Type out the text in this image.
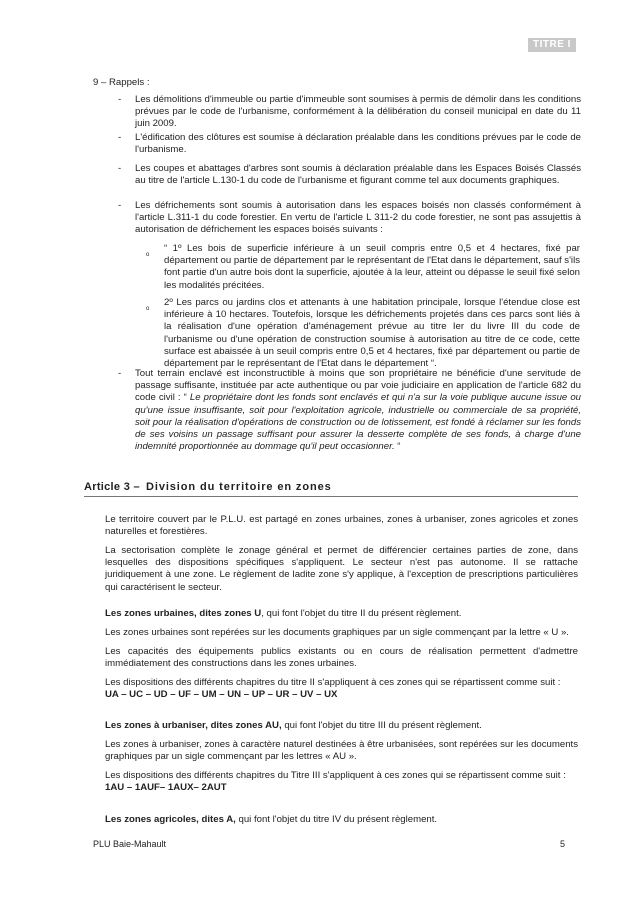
TITRE I
9 – Rappels :
- Les démolitions d'immeuble ou partie d'immeuble sont soumises à permis de démolir dans les conditions prévues par le code de l'urbanisme, conformément à la délibération du conseil municipal en date du 11 juin 2009.
- L'édification des clôtures est soumise à déclaration préalable dans les conditions prévues par le code de l'urbanisme.
- Les coupes et abattages d'arbres sont soumis à déclaration préalable dans les Espaces Boisés Classés au titre de l'article L.130-1 du code de l'urbanisme et figurant comme tel aux documents graphiques.
- Les défrichements sont soumis à autorisation dans les espaces boisés non classés conformément à l'article L.311-1 du code forestier. En vertu de l'article L 311-2 du code forestier, ne sont pas assujettis à autorisation de défrichement les espaces boisés suivants :
o
“ 1º Les bois de superficie inférieure à un seuil compris entre 0,5 et 4 hectares, fixé par département ou partie de département par le représentant de l'Etat dans le département, sauf s'ils font partie d'un autre bois dont la superficie, ajoutée à la leur, atteint ou dépasse le seuil fixé selon les modalités précitées.
o
2º Les parcs ou jardins clos et attenants à une habitation principale, lorsque l'étendue close est inférieure à 10 hectares. Toutefois, lorsque les défrichements projetés dans ces parcs sont liés à la réalisation d'une opération d'aménagement prévue au titre Ier du livre III du code de l'urbanisme ou d'une opération de construction soumise à autorisation au titre de ce code, cette surface est abaissée à un seuil compris entre 0,5 et 4 hectares, fixé par département ou partie de département par le représentant de l'Etat dans le département “.
- Tout terrain enclavé est inconstructible à moins que son propriétaire ne bénéficie d'une servitude de passage suffisante, instituée par acte authentique ou par voie judiciaire en application de l'article 682 du code civil : “ Le propriétaire dont les fonds sont enclavés et qui n'a sur la voie publique aucune issue ou qu'une issue insuffisante, soit pour l'exploitation agricole, industrielle ou commerciale de sa propriété, soit pour la réalisation d'opérations de construction ou de lotissement, est fondé à réclamer sur les fonds de ses voisins un passage suffisant pour assurer la desserte complète de ses fonds, à charge d'une indemnité proportionnée au dommage qu'il peut occasionner. “
Article 3 – Division du territoire en zones
Le territoire couvert par le P.L.U. est partagé en zones urbaines, zones à urbaniser, zones agricoles et zones naturelles et forestières.
La sectorisation complète le zonage général et permet de différencier certaines parties de zone, dans lesquelles des dispositions spécifiques s'appliquent. Le secteur n'est pas autonome. Il se rattache juridiquement à une zone. Le règlement de ladite zone s'y applique, à l'exception de prescriptions particulières qui caractérisent le secteur.
Les zones urbaines, dites zones U, qui font l'objet du titre II du présent règlement.
Les zones urbaines sont repérées sur les documents graphiques par un sigle commençant par la lettre « U ».
Les capacités des équipements publics existants ou en cours de réalisation permettent d'admettre immédiatement des constructions dans les zones urbaines.
Les dispositions des différents chapitres du titre II s'appliquent à ces zones qui se répartissent comme suit :
UA – UC – UD – UF – UM – UN – UP – UR – UV – UX
Les zones à urbaniser, dites zones AU, qui font l'objet du titre III du présent règlement.
Les zones à urbaniser, zones à caractère naturel destinées à être urbanisées, sont repérées sur les documents graphiques par un sigle commençant par les lettres « AU ».
Les dispositions des différents chapitres du Titre III s'appliquent à ces zones qui se répartissent comme suit :
1AU – 1AUF– 1AUX– 2AUT
Les zones agricoles, dites A, qui font l'objet du titre IV du présent règlement.
PLU Baie-Mahault	5
